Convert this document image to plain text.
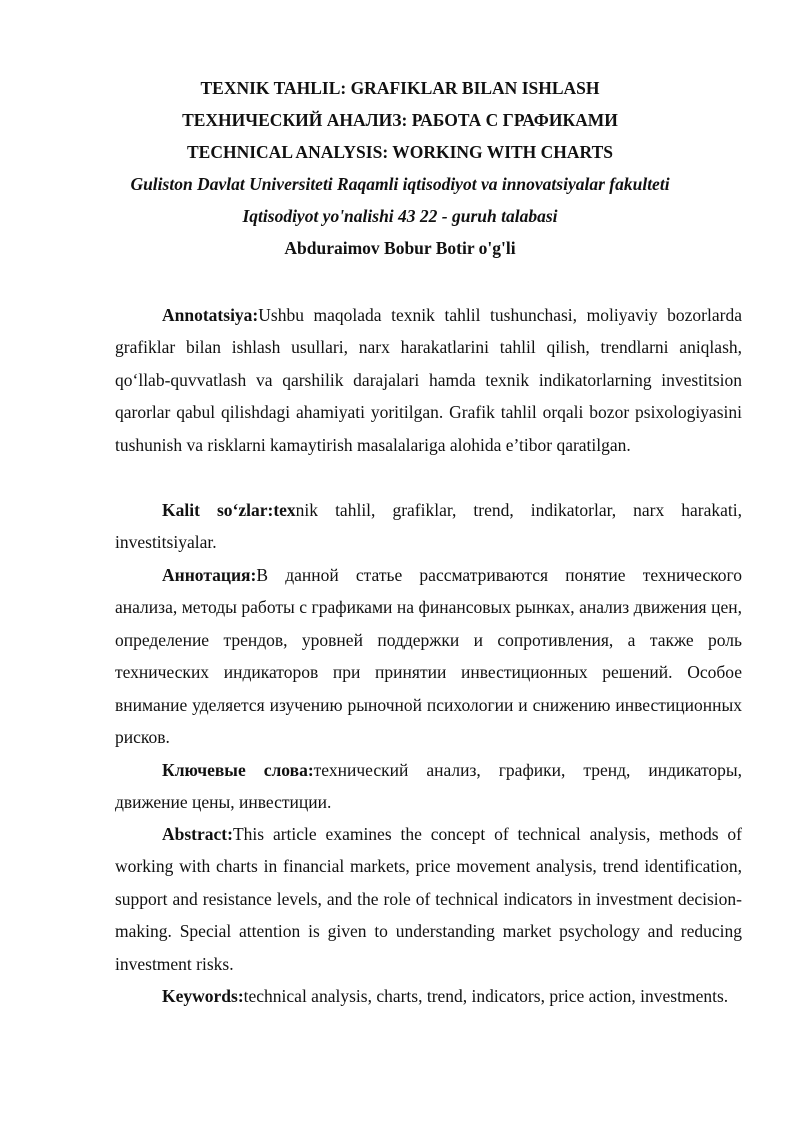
TEXNIK TAHLIL: GRAFIKLAR BILAN ISHLASH
ТЕХНИЧЕСКИЙ АНАЛИЗ: РАБОТА С ГРАФИКАМИ
TECHNICAL ANALYSIS: WORKING WITH CHARTS
Guliston Davlat Universiteti Raqamli iqtisodiyot va innovatsiyalar fakulteti
Iqtisodiyot yo'nalishi 43 22 - guruh talabasi
Abduraimov Bobur Botir o'g'li

Annotatsiya:Ushbu maqolada texnik tahlil tushunchasi, moliyaviy bozorlarda grafiklar bilan ishlash usullari, narx harakatlarini tahlil qilish, trendlarni aniqlash, qo‘llab-quvvatlash va qarshilik darajalari hamda texnik indikatorlarning investitsion qarorlar qabul qilishdagi ahamiyati yoritilgan. Grafik tahlil orqali bozor psixologiyasini tushunish va risklarni kamaytirish masalalariga alohida e’tibor qaratilgan.

Kalit so‘zlar:texnik tahlil, grafiklar, trend, indikatorlar, narx harakati, investitsiyalar.

Аннотация:В данной статье рассматриваются понятие технического анализа, методы работы с графиками на финансовых рынках, анализ движения цен, определение трендов, уровней поддержки и сопротивления, а также роль технических индикаторов при принятии инвестиционных решений. Особое внимание уделяется изучению рыночной психологии и снижению инвестиционных рисков.

Ключевые слова:технический анализ, графики, тренд, индикаторы, движение цены, инвестиции.

Abstract:This article examines the concept of technical analysis, methods of working with charts in financial markets, price movement analysis, trend identification, support and resistance levels, and the role of technical indicators in investment decision-making. Special attention is given to understanding market psychology and reducing investment risks.

Keywords:technical analysis, charts, trend, indicators, price action, investments.
